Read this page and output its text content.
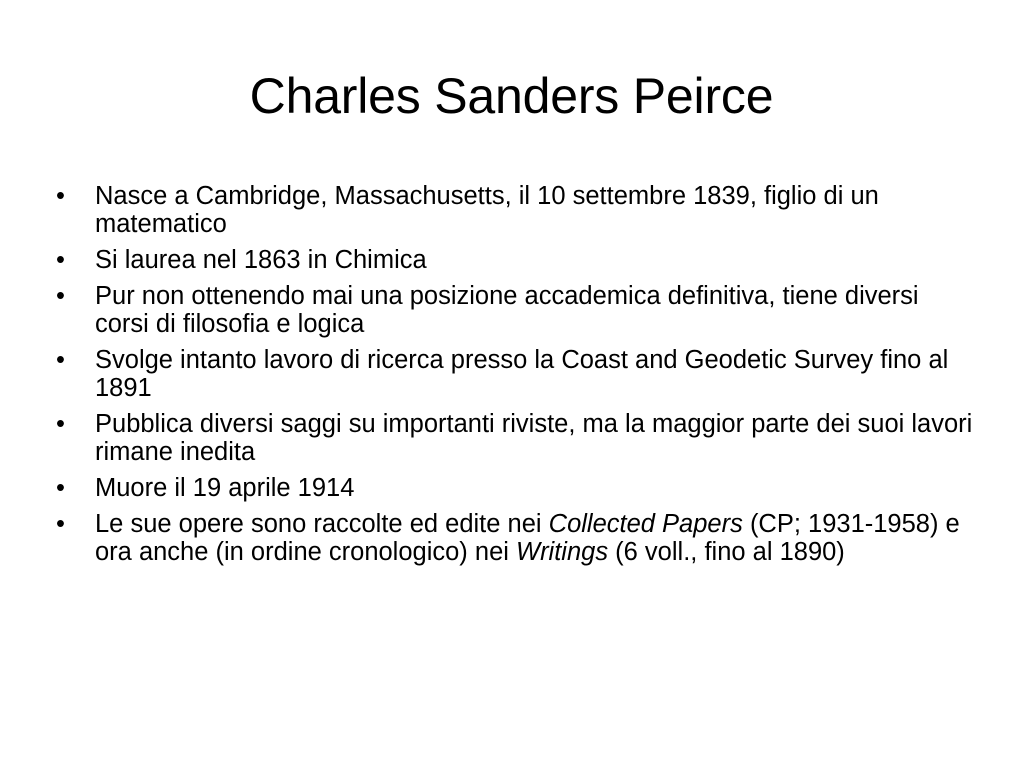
Charles Sanders Peirce
•	Nasce a Cambridge, Massachusetts, il 10 settembre 1839, figlio di un matematico
•	Si laurea nel 1863 in Chimica
•	Pur non ottenendo mai una posizione accademica definitiva, tiene diversi corsi di filosofia e logica
•	Svolge intanto lavoro di ricerca presso la Coast and Geodetic Survey fino al 1891
•	Pubblica diversi saggi su importanti riviste, ma la maggior parte dei suoi lavori rimane inedita
•	Muore il 19 aprile 1914
•	Le sue opere sono raccolte ed edite nei Collected Papers (CP; 1931-1958) e ora anche (in ordine cronologico) nei Writings (6 voll., fino al 1890)
